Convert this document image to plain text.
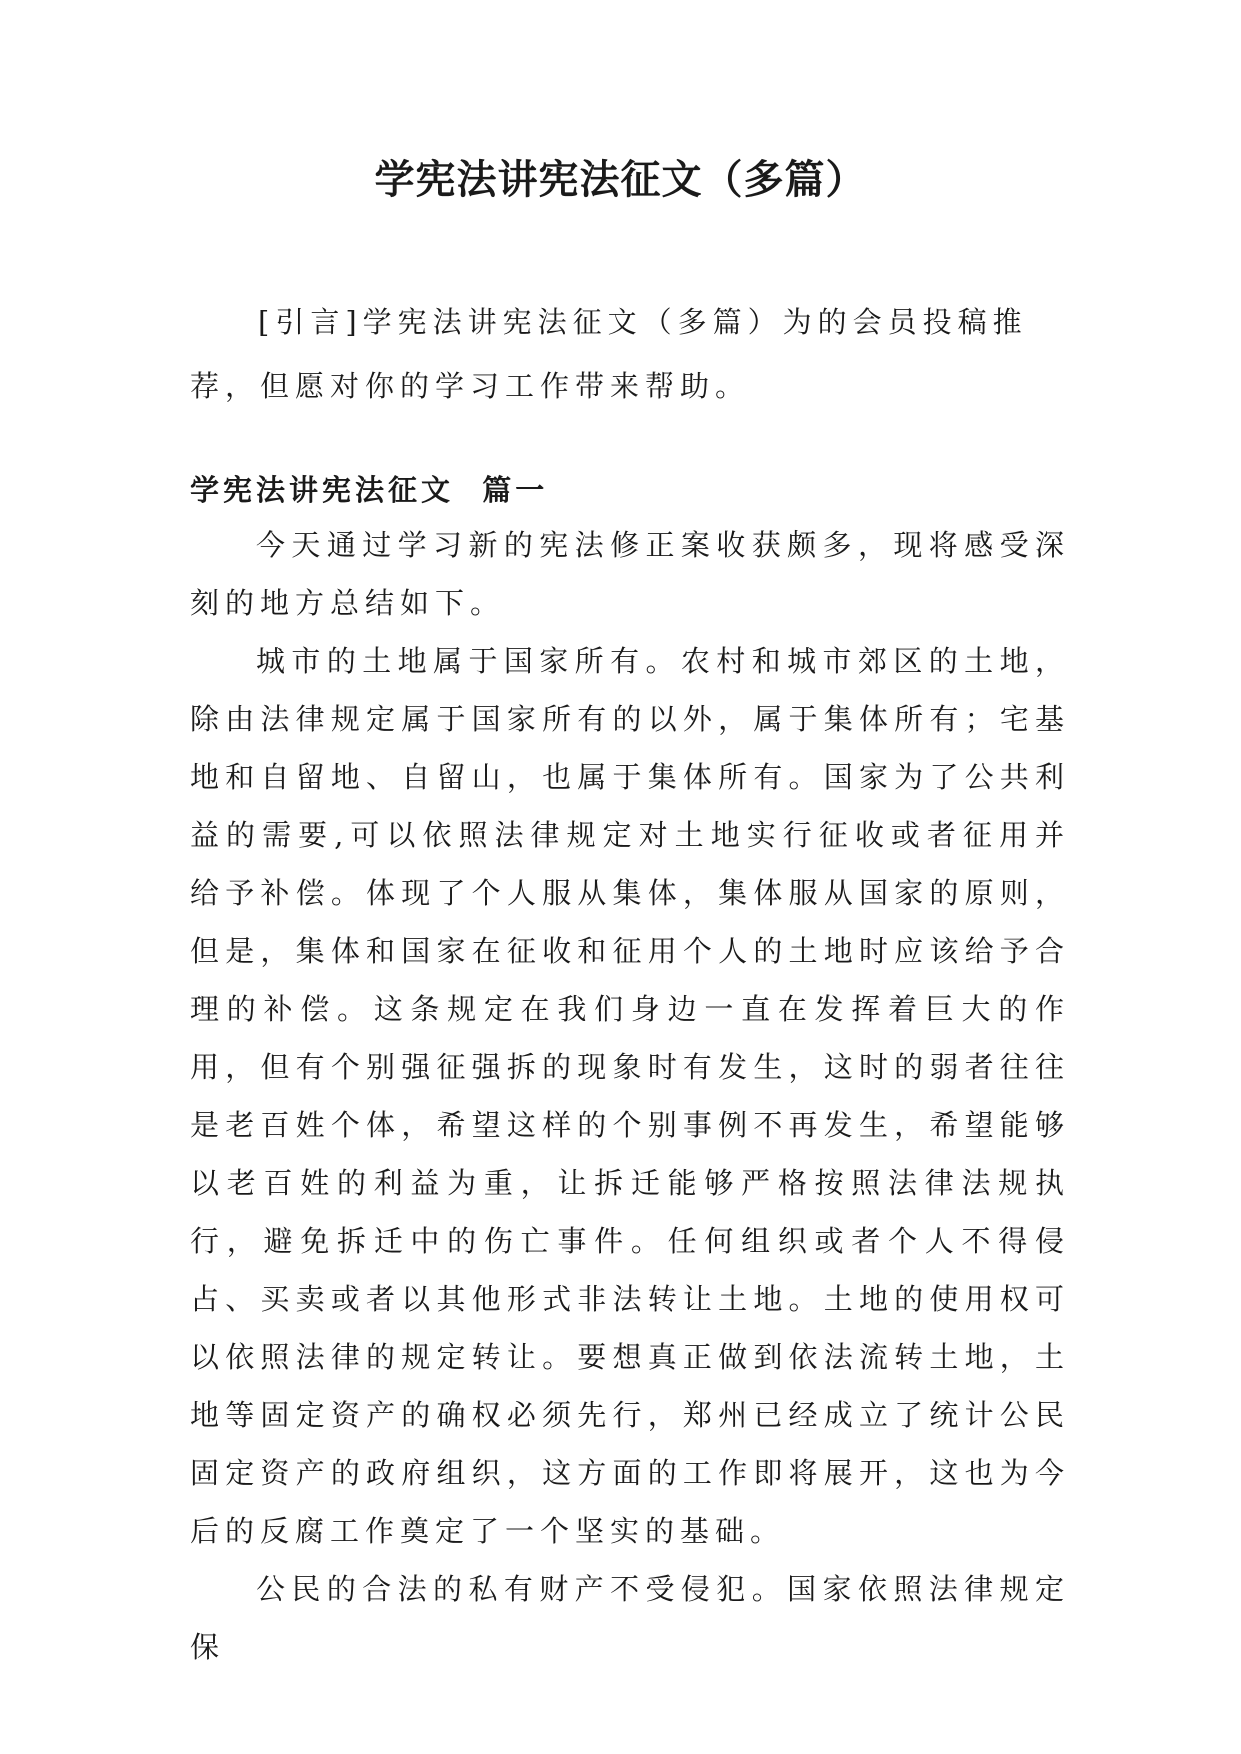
学宪法讲宪法征文（多篇）

[引言]学宪法讲宪法征文（多篇）为的会员投稿推荐，但愿对你的学习工作带来帮助。

学宪法讲宪法征文  篇一

今天通过学习新的宪法修正案收获颇多，现将感受深刻的地方总结如下。

城市的土地属于国家所有。农村和城市郊区的土地，除由法律规定属于国家所有的以外，属于集体所有；宅基地和自留地、自留山，也属于集体所有。国家为了公共利益的需要,可以依照法律规定对土地实行征收或者征用并给予补偿。体现了个人服从集体，集体服从国家的原则，但是，集体和国家在征收和征用个人的土地时应该给予合理的补偿。这条规定在我们身边一直在发挥着巨大的作用，但有个别强征强拆的现象时有发生，这时的弱者往往是老百姓个体，希望这样的个别事例不再发生，希望能够以老百姓的利益为重，让拆迁能够严格按照法律法规执行，避免拆迁中的伤亡事件。任何组织或者个人不得侵占、买卖或者以其他形式非法转让土地。土地的使用权可以依照法律的规定转让。要想真正做到依法流转土地，土地等固定资产的确权必须先行，郑州已经成立了统计公民固定资产的政府组织，这方面的工作即将展开，这也为今后的反腐工作奠定了一个坚实的基础。

公民的合法的私有财产不受侵犯。国家依照法律规定保
